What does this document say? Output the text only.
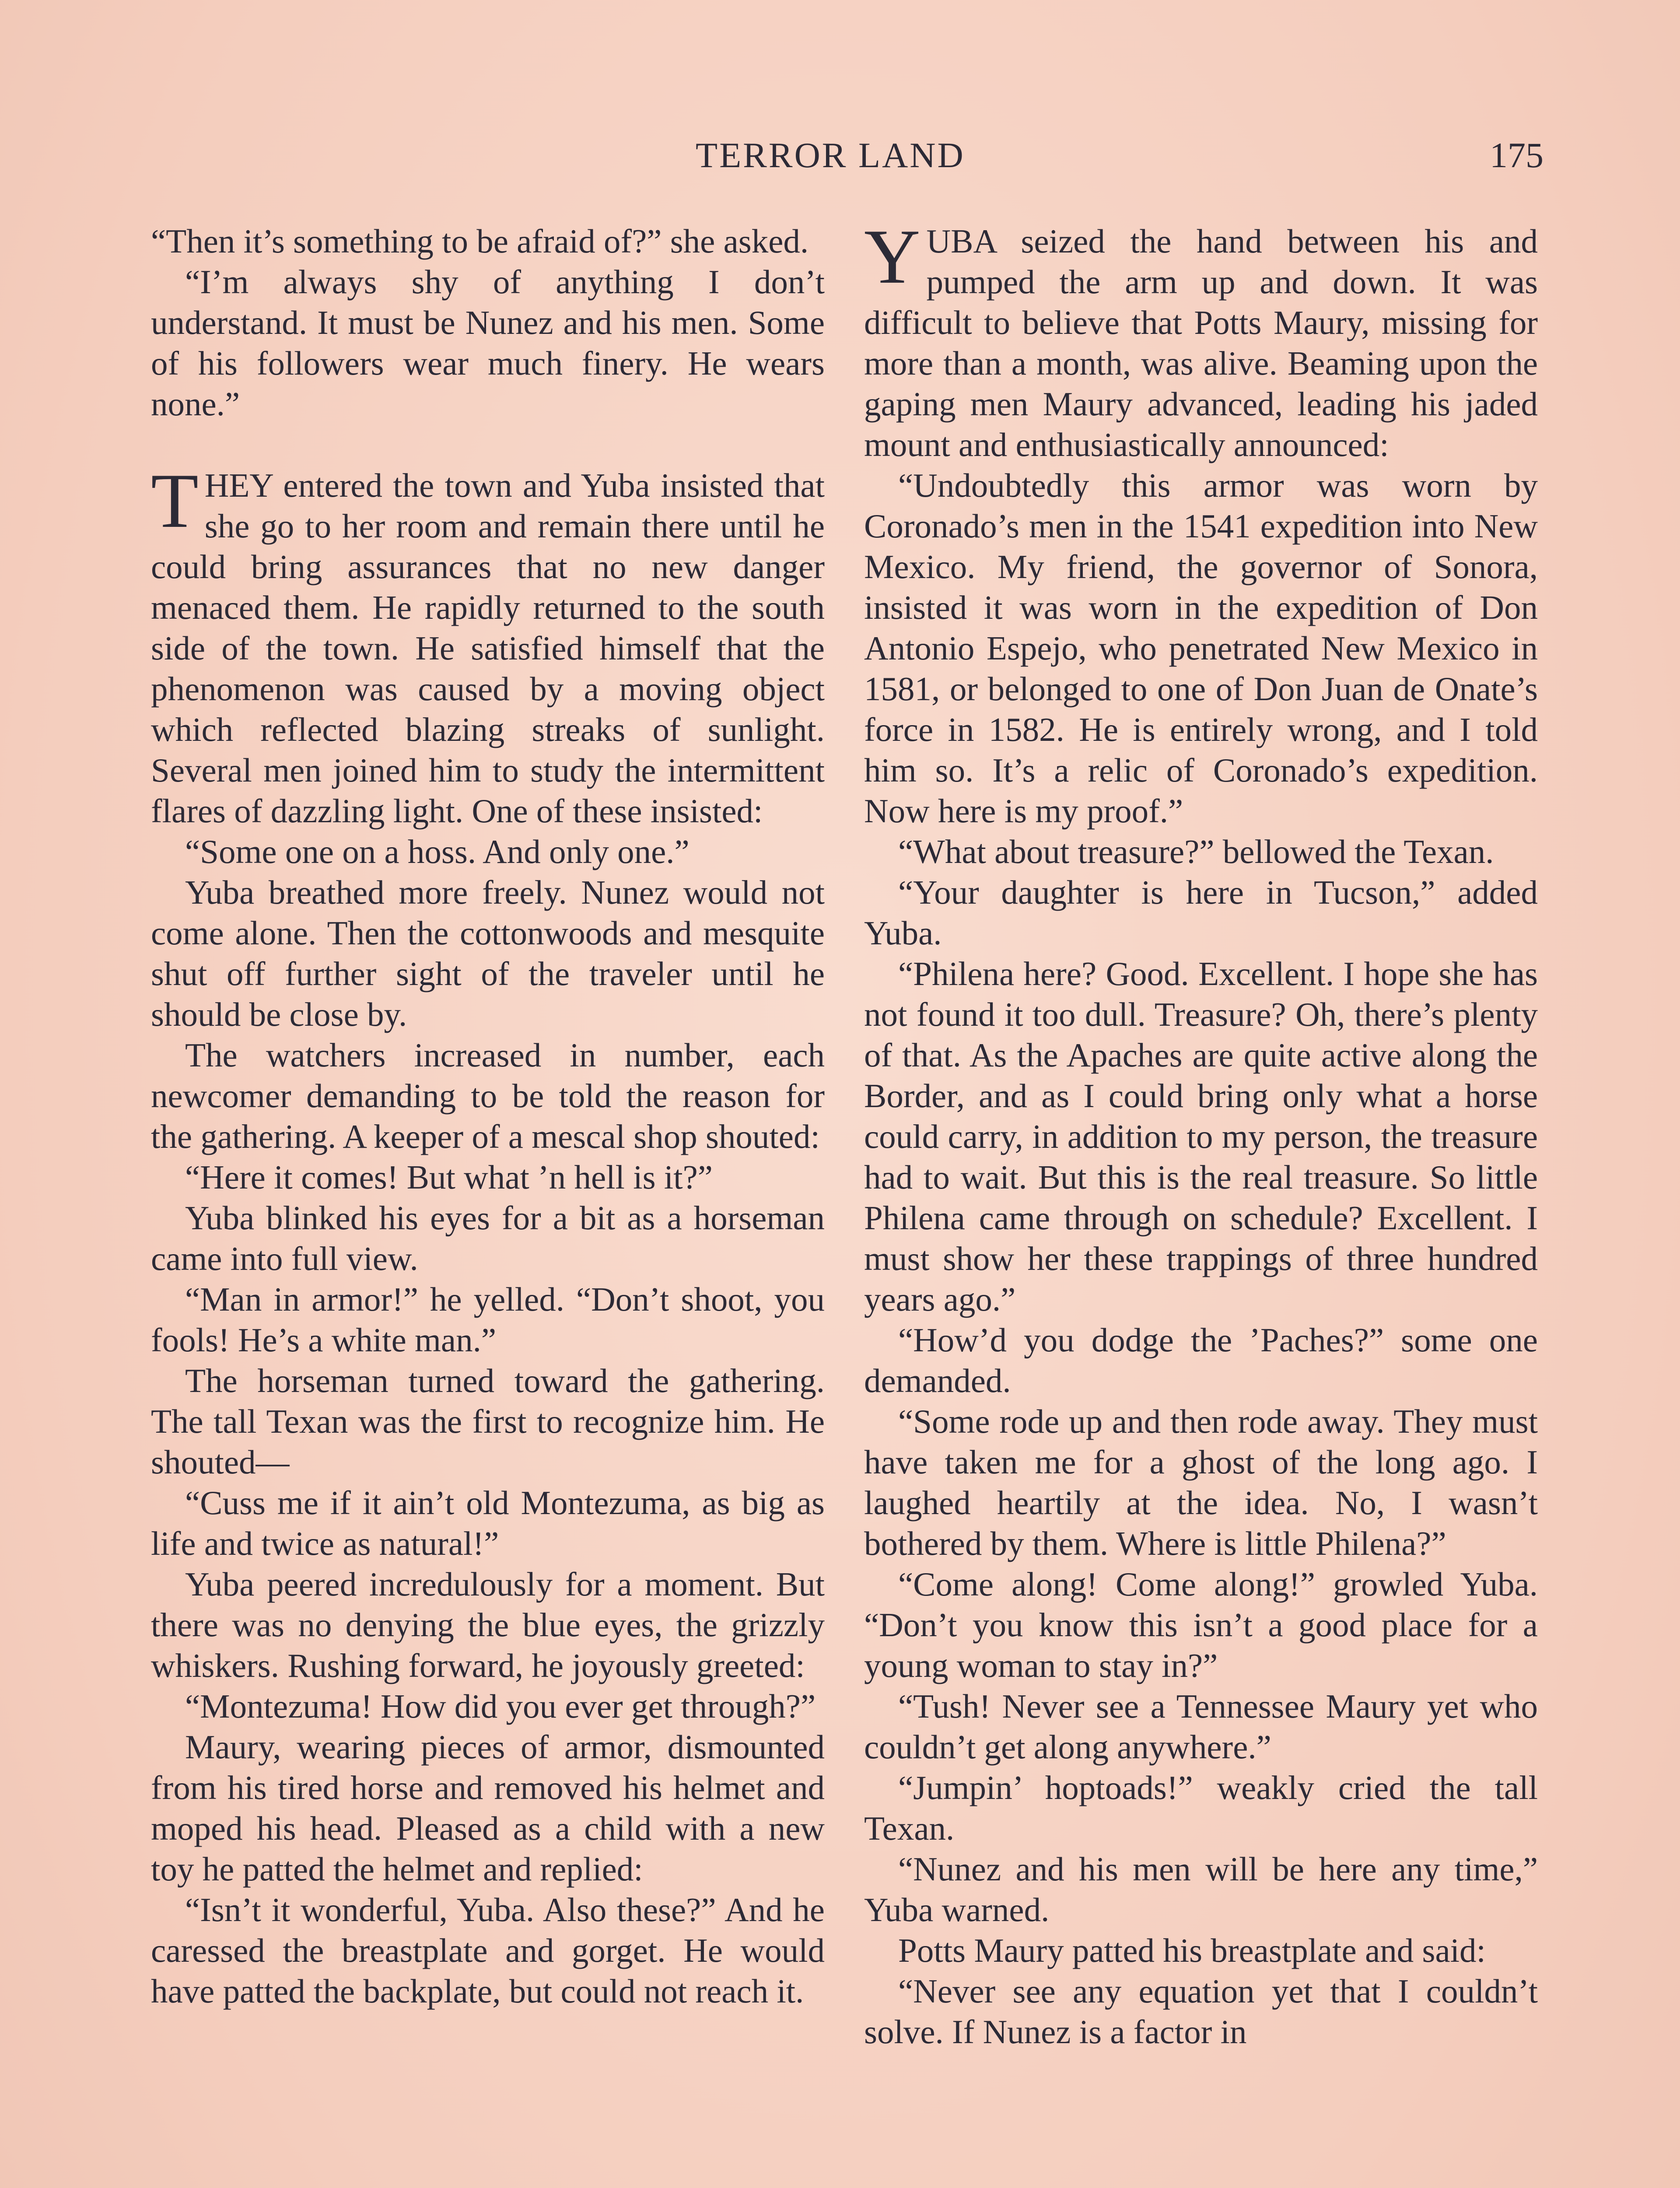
TERROR LAND	175

“Then it’s something to be afraid of?” she asked.

“I’m always shy of anything I don’t understand. It must be Nunez and his men. Some of his followers wear much finery. He wears none.”

THEY entered the town and Yuba insisted that she go to her room and remain there until he could bring assurances that no new danger menaced them. He rapidly returned to the south side of the town. He satisfied himself that the phenomenon was caused by a moving object which reflected blazing streaks of sunlight. Several men joined him to study the intermittent flares of dazzling light. One of these insisted:

“Some one on a hoss. And only one.”

Yuba breathed more freely. Nunez would not come alone. Then the cottonwoods and mesquite shut off further sight of the traveler until he should be close by.

The watchers increased in number, each newcomer demanding to be told the reason for the gathering. A keeper of a mescal shop shouted:

“Here it comes! But what ’n hell is it?”

Yuba blinked his eyes for a bit as a horseman came into full view.

“Man in armor!” he yelled. “Don’t shoot, you fools! He’s a white man.”

The horseman turned toward the gathering. The tall Texan was the first to recognize him. He shouted—

“Cuss me if it ain’t old Montezuma, as big as life and twice as natural!”

Yuba peered incredulously for a moment. But there was no denying the blue eyes, the grizzly whiskers. Rushing forward, he joyously greeted:

“Montezuma! How did you ever get through?”

Maury, wearing pieces of armor, dismounted from his tired horse and removed his helmet and moped his head. Pleased as a child with a new toy he patted the helmet and replied:

“Isn’t it wonderful, Yuba. Also these?” And he caressed the breastplate and gorget. He would have patted the backplate, but could not reach it.

YUBA seized the hand between his and pumped the arm up and down. It was difficult to believe that Potts Maury, missing for more than a month, was alive. Beaming upon the gaping men Maury advanced, leading his jaded mount and enthusiastically announced:

“Undoubtedly this armor was worn by Coronado’s men in the 1541 expedition into New Mexico. My friend, the governor of Sonora, insisted it was worn in the expedition of Don Antonio Espejo, who penetrated New Mexico in 1581, or belonged to one of Don Juan de Onate’s force in 1582. He is entirely wrong, and I told him so. It’s a relic of Coronado’s expedition. Now here is my proof.”

“What about treasure?” bellowed the Texan.

“Your daughter is here in Tucson,” added Yuba.

“Philena here? Good. Excellent. I hope she has not found it too dull. Treasure? Oh, there’s plenty of that. As the Apaches are quite active along the Border, and as I could bring only what a horse could carry, in addition to my person, the treasure had to wait. But this is the real treasure. So little Philena came through on schedule? Excellent. I must show her these trappings of three hundred years ago.”

“How’d you dodge the ’Paches?” some one demanded.

“Some rode up and then rode away. They must have taken me for a ghost of the long ago. I laughed heartily at the idea. No, I wasn’t bothered by them. Where is little Philena?”

“Come along! Come along!” growled Yuba. “Don’t you know this isn’t a good place for a young woman to stay in?”

“Tush! Never see a Tennessee Maury yet who couldn’t get along anywhere.”

“Jumpin’ hoptoads!” weakly cried the tall Texan.

“Nunez and his men will be here any time,” Yuba warned.

Potts Maury patted his breastplate and said:

“Never see any equation yet that I couldn’t solve. If Nunez is a factor in
